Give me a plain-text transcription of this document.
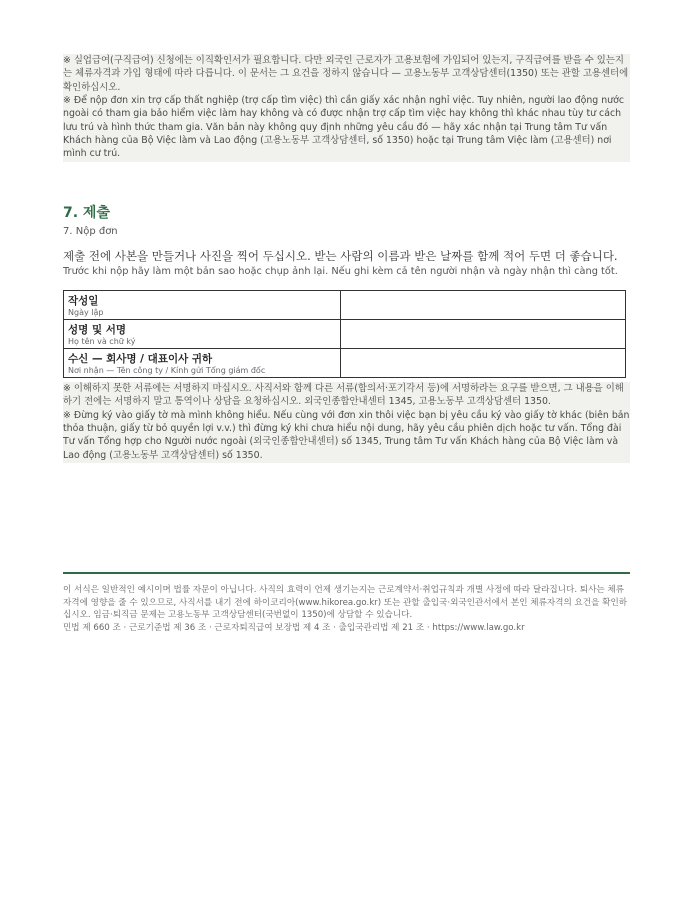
※ 실업급여(구직급여) 신청에는 이직확인서가 필요합니다. 다만 외국인 근로자가 고용보험에 가입되어 있는지, 구직급여를 받을 수 있는지는 체류자격과 가입 형태에 따라 다릅니다. 이 문서는 그 요건을 정하지 않습니다 — 고용노동부 고객상담센터(1350) 또는 관할 고용센터에 확인하십시오.

※ Để nộp đơn xin trợ cấp thất nghiệp (trợ cấp tìm việc) thì cần giấy xác nhận nghỉ việc. Tuy nhiên, người lao động nước ngoài có tham gia bảo hiểm việc làm hay không và có được nhận trợ cấp tìm việc hay không thì khác nhau tùy tư cách lưu trú và hình thức tham gia. Văn bản này không quy định những yêu cầu đó — hãy xác nhận tại Trung tâm Tư vấn Khách hàng của Bộ Việc làm và Lao động (고용노동부 고객상담센터, số 1350) hoặc tại Trung tâm Việc làm (고용센터) nơi mình cư trú.

7. 제출
7. Nộp đơn
제출 전에 사본을 만들거나 사진을 찍어 두십시오. 받는 사람의 이름과 받은 날짜를 함께 적어 두면 더 좋습니다.
Trước khi nộp hãy làm một bản sao hoặc chụp ảnh lại. Nếu ghi kèm cả tên người nhận và ngày nhận thì càng tốt.
작성일
Ngày lập	

성명 및 서명
Họ tên và chữ ký	

수신 — 회사명 / 대표이사 귀하
Nơi nhận — Tên công ty / Kính gửi Tổng giám đốc	

※ 이해하지 못한 서류에는 서명하지 마십시오. 사직서와 함께 다른 서류(합의서·포기각서 등)에 서명하라는 요구를 받으면, 그 내용을 이해하기 전에는 서명하지 말고 통역이나 상담을 요청하십시오. 외국인종합안내센터 1345, 고용노동부 고객상담센터 1350.

※ Đừng ký vào giấy tờ mà mình không hiểu. Nếu cùng với đơn xin thôi việc bạn bị yêu cầu ký vào giấy tờ khác (biên bản thỏa thuận, giấy từ bỏ quyền lợi v.v.) thì đừng ký khi chưa hiểu nội dung, hãy yêu cầu phiên dịch hoặc tư vấn. Tổng đài Tư vấn Tổng hợp cho Người nước ngoài (외국인종합안내센터) số 1345, Trung tâm Tư vấn Khách hàng của Bộ Việc làm và Lao động (고용노동부 고객상담센터) số 1350.

이 서식은 일반적인 예시이며 법률 자문이 아닙니다. 사직의 효력이 언제 생기는지는 근로계약서·취업규칙과 개별 사정에 따라 달라집니다. 퇴사는 체류자격에 영향을 줄 수 있으므로, 사직서를 내기 전에 하이코리아(www.hikorea.go.kr) 또는 관할 출입국·외국인관서에서 본인 체류자격의 요건을 확인하십시오. 임금·퇴직금 문제는 고용노동부 고객상담센터(국번없이 1350)에 상담할 수 있습니다.

민법 제 660 조 · 근로기준법 제 36 조 · 근로자퇴직급여 보장법 제 4 조 · 출입국관리법 제 21 조 · https://www.law.go.kr
